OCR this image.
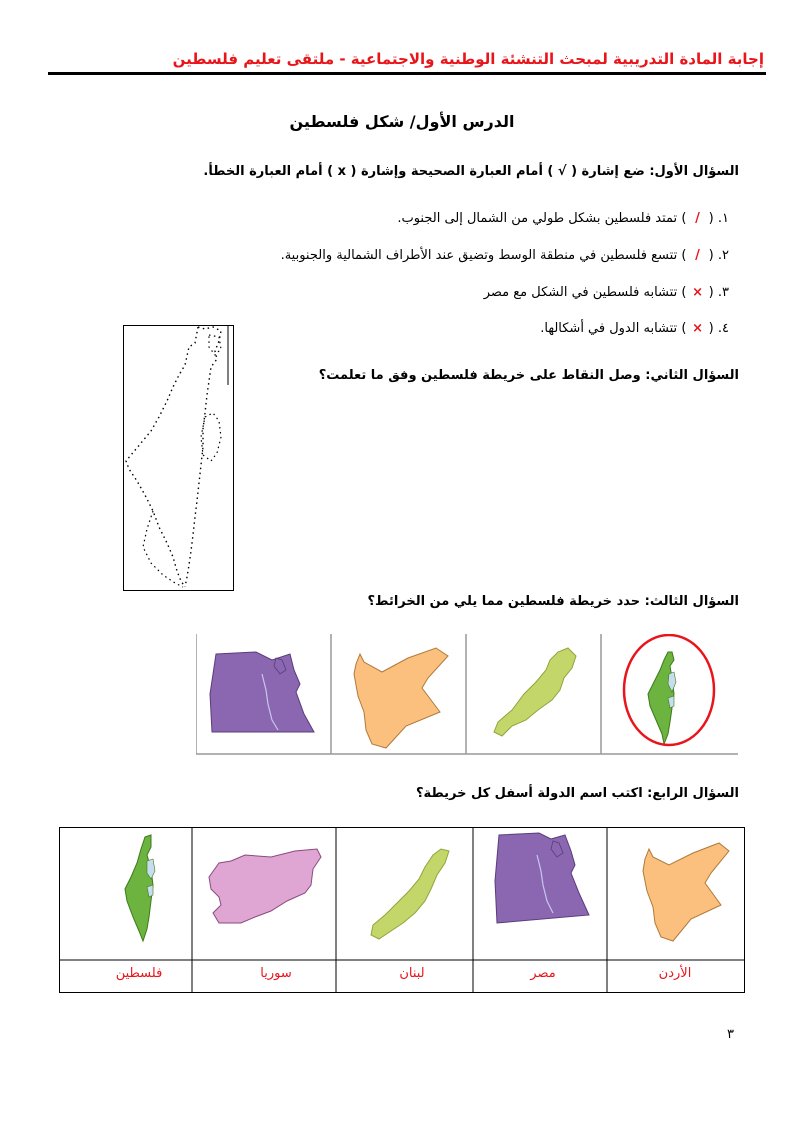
إجابة المادة التدريبية لمبحث التنشئة الوطنية والاجتماعية - ملتقى تعليم فلسطين
الدرس الأول/ شكل فلسطين
السؤال الأول: ضع إشارة ( √ ) أمام العبارة الصحيحة وإشارة ( x ) أمام العبارة الخطأ.
١. ( / ) تمتد فلسطين بشكل طولي من الشمال إلى الجنوب.
٢. ( / ) تتسع فلسطين في منطقة الوسط وتضيق عند الأطراف الشمالية والجنوبية.
٣. ( × ) تتشابه فلسطين في الشكل مع مصر
٤. ( × ) تتشابه الدول في أشكالها.
السؤال الثاني: وصل النقاط على خريطة فلسطين وفق ما تعلمت؟
السؤال الثالث: حدد خريطة فلسطين مما يلي من الخرائط؟
السؤال الرابع: اكتب اسم الدولة أسفل كل خريطة؟
فلسطين	سوريا	لبنان	مصر	الأردن
٣
